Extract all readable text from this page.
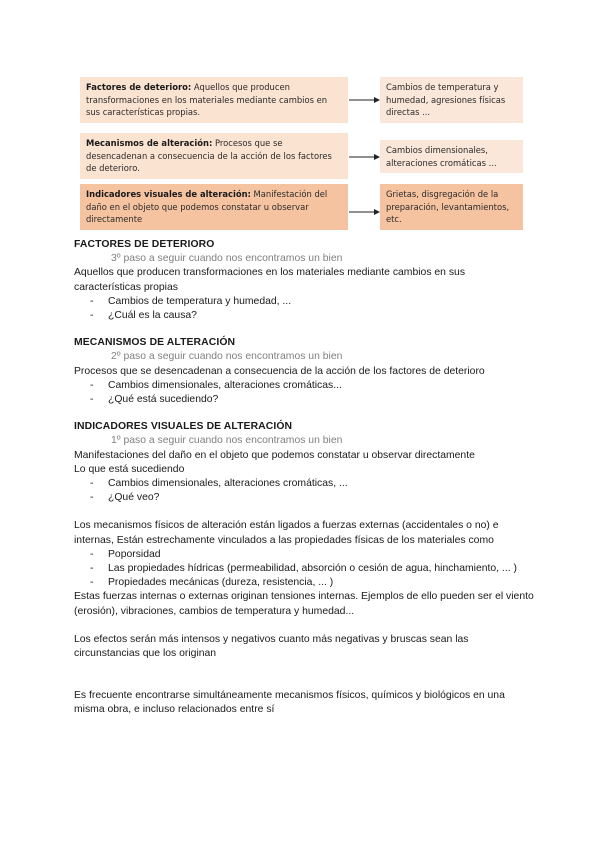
Factores de deterioro: Aquellos que producen transformaciones en los materiales mediante cambios en sus características propias.
Mecanismos de alteración: Procesos que se desencadenan a consecuencia de la acción de los factores de deterioro.
Indicadores visuales de alteración: Manifestación del daño en el objeto que podemos constatar u observar directamente
Cambios de temperatura y humedad, agresiones físicas directas ...
Cambios dimensionales, alteraciones cromáticas ...
Grietas, disgregación de la preparación, levantamientos, etc.

FACTORES DE DETERIORO

3º paso a seguir cuando nos encontramos un bien

Aquellos que producen transformaciones en los materiales mediante cambios en sus características propias

- Cambios de temperatura y humedad, ...
- ¿Cuál es la causa?

MECANISMOS DE ALTERACIÓN

2º paso a seguir cuando nos encontramos un bien

Procesos que se desencadenan a consecuencia de la acción de los factores de deterioro

- Cambios dimensionales, alteraciones cromáticas...
- ¿Qué está sucediendo?

INDICADORES VISUALES DE ALTERACIÓN

1º paso a seguir cuando nos encontramos un bien

Manifestaciones del daño en el objeto que podemos constatar u observar directamente

Lo que está sucediendo

- Cambios dimensionales, alteraciones cromáticas, ...
- ¿Qué veo?

Los mecanismos físicos de alteración están ligados a fuerzas externas (accidentales o no) e internas, Están estrechamente vinculados a las propiedades físicas de los materiales como

- Poporsidad
- Las propiedades hídricas (permeabilidad, absorción o cesión de agua, hinchamiento, ... )
- Propiedades mecánicas (dureza, resistencia, ... )

Estas fuerzas internas o externas originan tensiones internas. Ejemplos de ello pueden ser el viento (erosión), vibraciones, cambios de temperatura y humedad...

Los efectos serán más intensos y negativos cuanto más negativas y bruscas sean las circunstancias que los originan

Es frecuente encontrarse simultáneamente mecanismos físicos, químicos y biológicos en una misma obra, e incluso relacionados entre sí
